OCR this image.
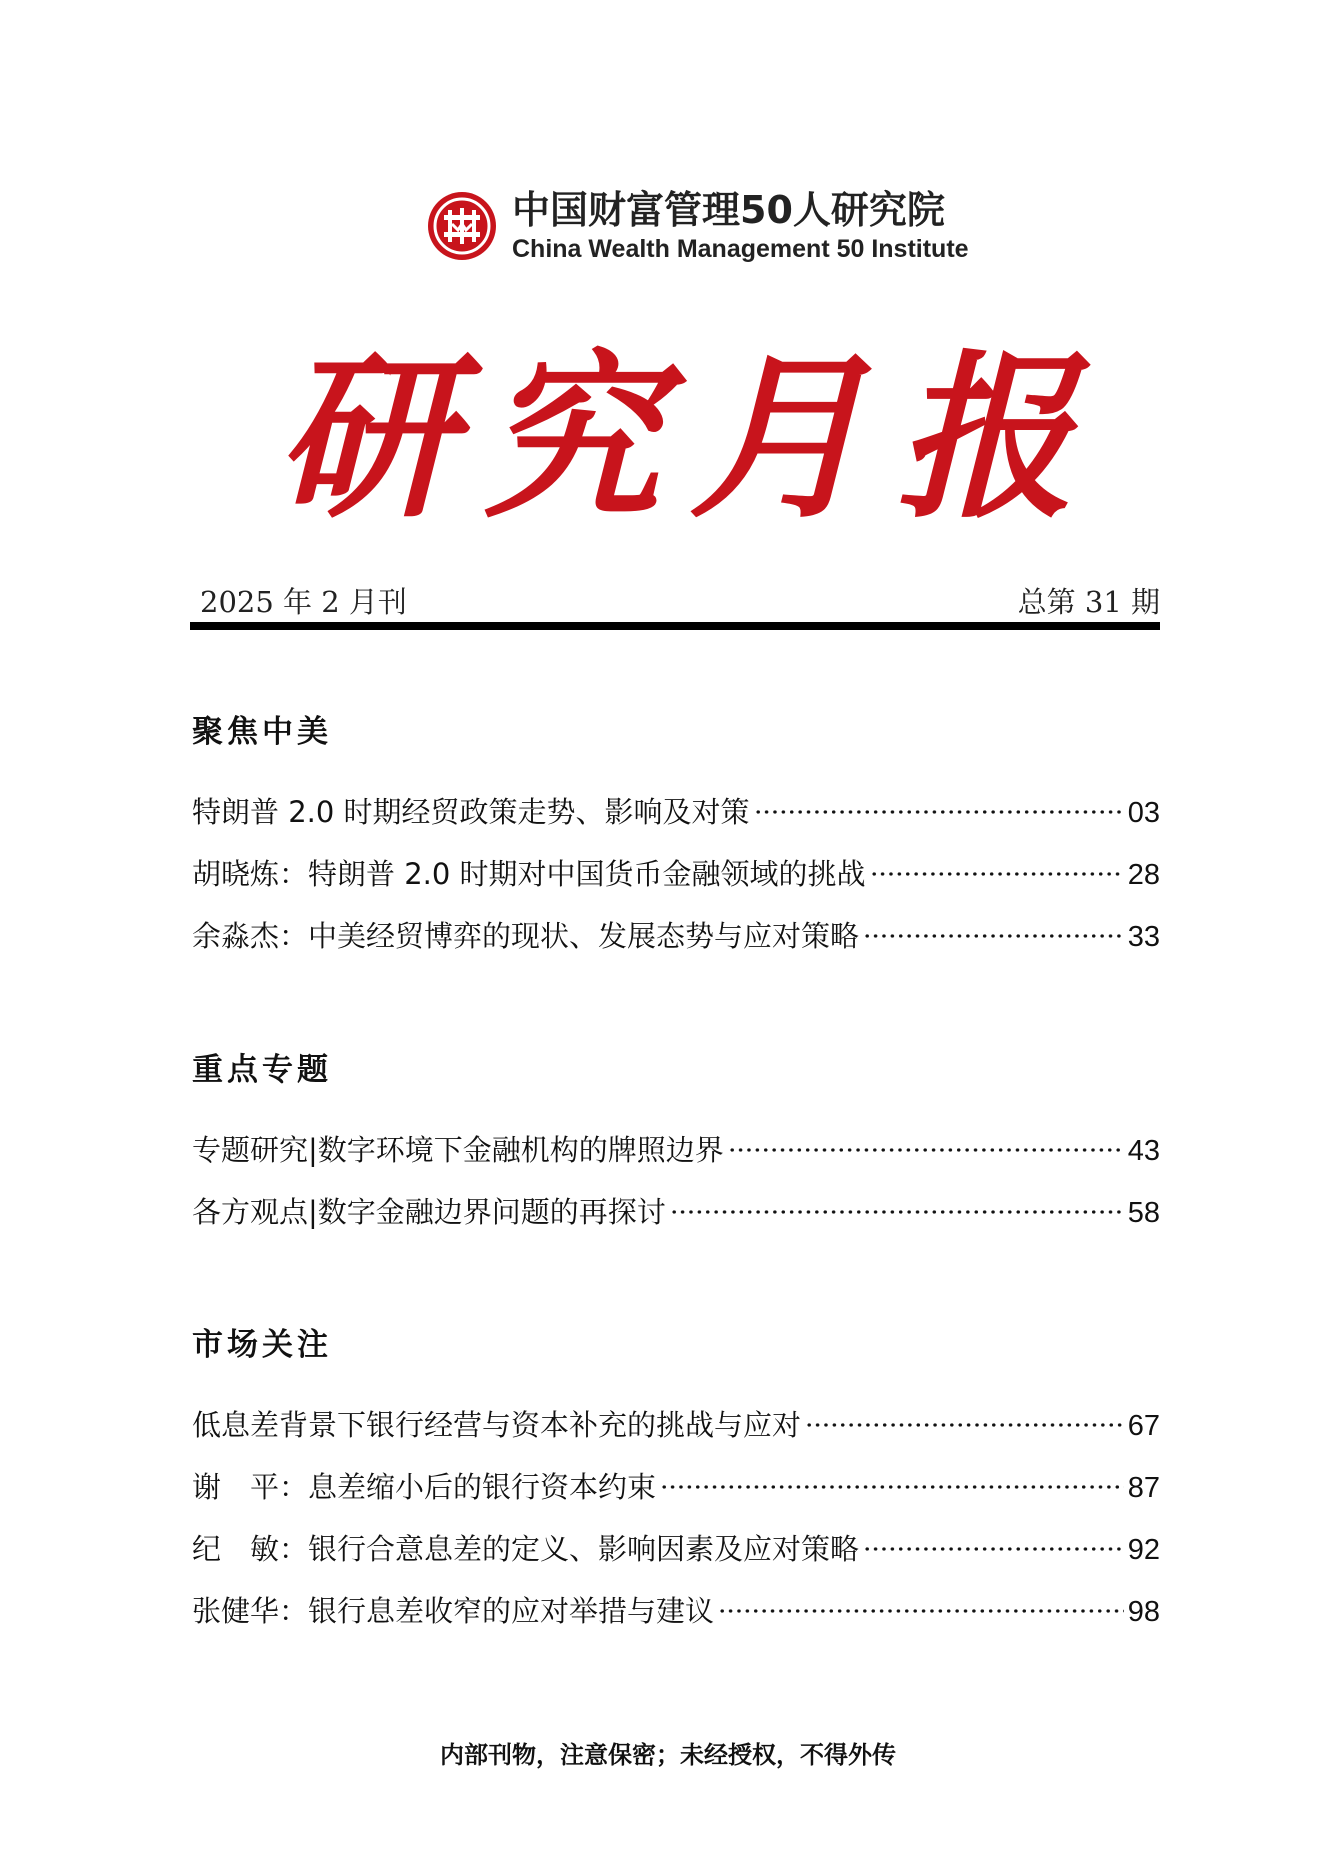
中国财富管理50人研究院
China Wealth Management 50 Institute
研 究 月 报
2025 年 2 月刊	总第 31 期
聚焦中美
特朗普 2.0 时期经贸政策走势、影响及对策	03
胡晓炼：特朗普 2.0 时期对中国货币金融领域的挑战	28
余淼杰：中美经贸博弈的现状、发展态势与应对策略	33
重点专题
专题研究|数字环境下金融机构的牌照边界	43
各方观点|数字金融边界问题的再探讨	58
市场关注
低息差背景下银行经营与资本补充的挑战与应对	67
谢　平：息差缩小后的银行资本约束	87
纪　敏：银行合意息差的定义、影响因素及应对策略	92
张健华：银行息差收窄的应对举措与建议	98
内部刊物，注意保密；未经授权，不得外传
